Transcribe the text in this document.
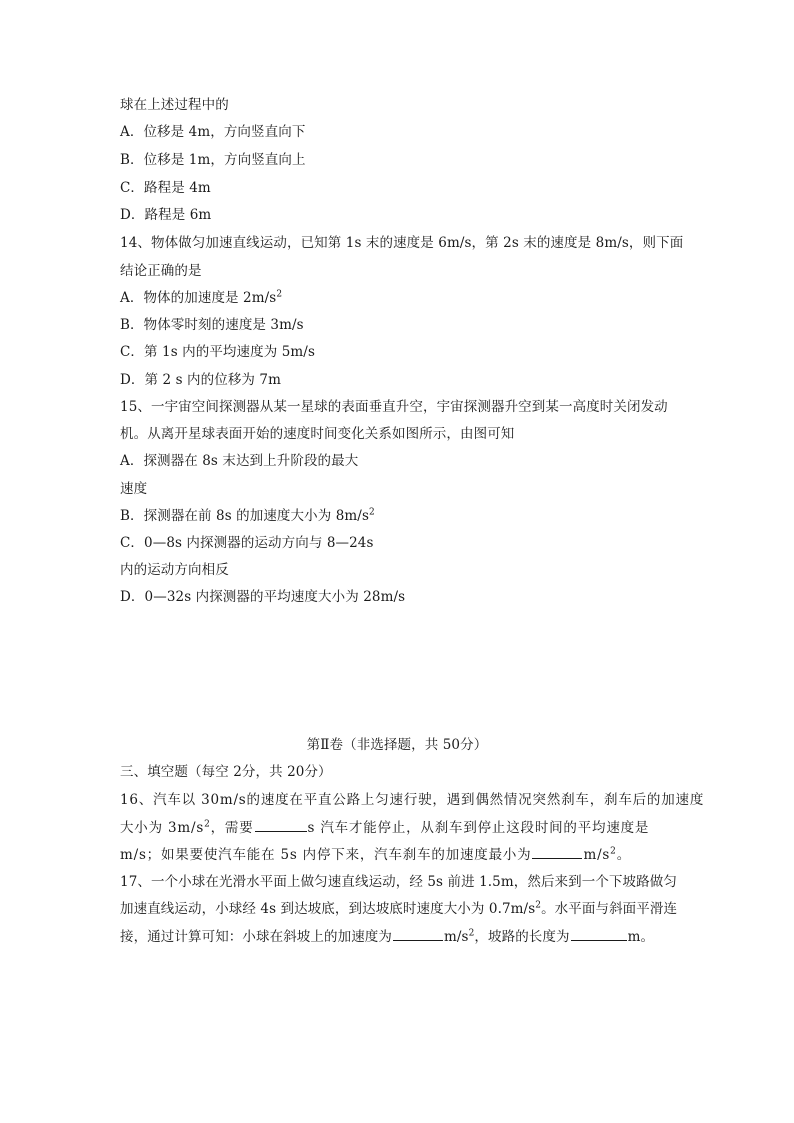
球在上述过程中的
A．位移是 4m，方向竖直向下
B．位移是 1m，方向竖直向上
C．路程是 4m
D．路程是 6m
14、物体做匀加速直线运动，已知第 1s 末的速度是 6m/s，第 2s 末的速度是 8m/s，则下面
结论正确的是
A．物体的加速度是 $2m/s^2$
B．物体零时刻的速度是 3m/s
C．第 1s 内的平均速度为 5m/s
D．第 2 s 内的位移为 7m
15、一宇宙空间探测器从某一星球的表面垂直升空，宇宙探测器升空到某一高度时关闭发动
机。从离开星球表面开始的速度时间变化关系如图所示，由图可知
A．探测器在 8s 末达到上升阶段的最大
速度
B．探测器在前 8s 的加速度大小为 $8m/s^2$
C．0—8s 内探测器的运动方向与 8—24s
内的运动方向相反
D．0—32s 内探测器的平均速度大小为 28m/s
第Ⅱ卷（非选择题，共 50分）
三、填空题（每空 2分，共 20分）
16、汽车以 30m/s的速度在平直公路上匀速行驶，遇到偶然情况突然刹车，刹车后的加速度
大小为 $3m/s^2$，需要	s 汽车才能停止，从刹车到停止这段时间的平均速度是
m/s；如果要使汽车能在 5s 内停下来，汽车刹车的加速度最小为	$m/s^2$。
17、一个小球在光滑水平面上做匀速直线运动，经 5s 前进 1.5m，然后来到一个下坡路做匀
加速直线运动，小球经 4s 到达坡底，到达坡底时速度大小为 $0.7m/s^2$。水平面与斜面平滑连
接，通过计算可知：小球在斜坡上的加速度为	$m/s^2$，坡路的长度为	m。
